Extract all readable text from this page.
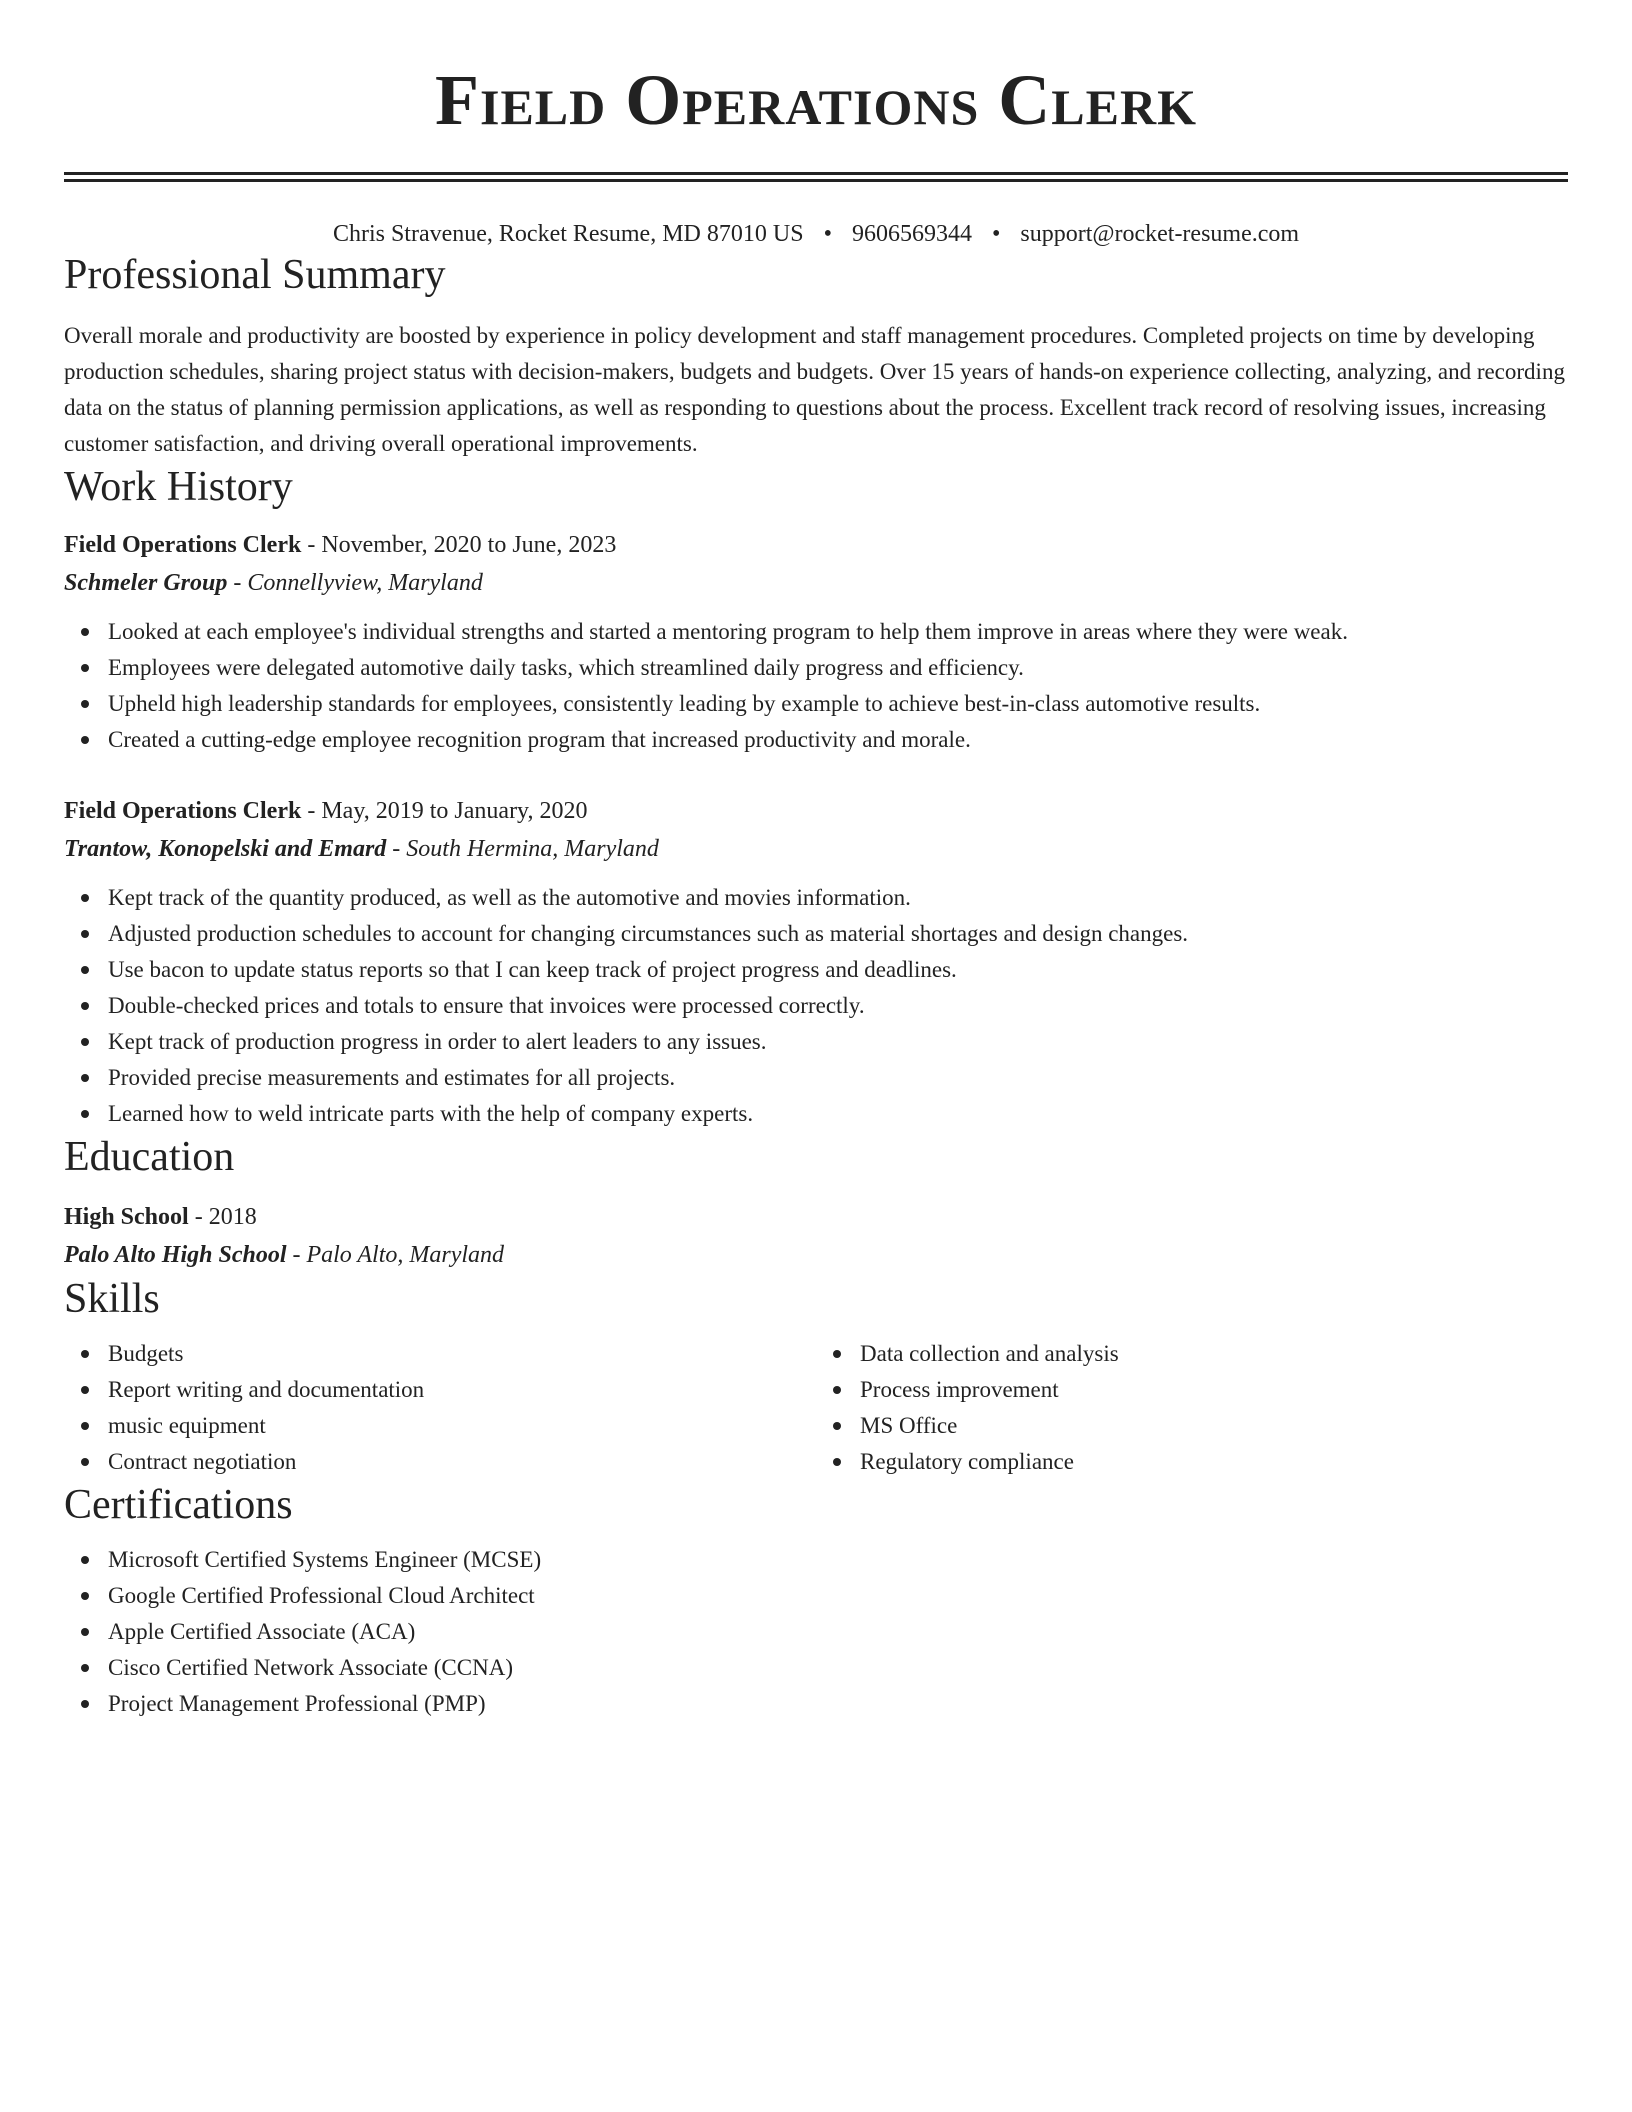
Field Operations Clerk
Chris Stravenue, Rocket Resume, MD 87010 US • 9606569344 • support@rocket-resume.com
Professional Summary

Overall morale and productivity are boosted by experience in policy development and staff management procedures. Completed projects on time by developing production schedules, sharing project status with decision-makers, budgets and budgets. Over 15 years of hands-on experience collecting, analyzing, and recording data on the status of planning permission applications, as well as responding to questions about the process. Excellent track record of resolving issues, increasing customer satisfaction, and driving overall operational improvements.

Work History
Field Operations Clerk - November, 2020 to June, 2023
Schmeler Group - Connellyview, Maryland
Looked at each employee's individual strengths and started a mentoring program to help them improve in areas where they were weak.
Employees were delegated automotive daily tasks, which streamlined daily progress and efficiency.
Upheld high leadership standards for employees, consistently leading by example to achieve best-in-class automotive results.
Created a cutting-edge employee recognition program that increased productivity and morale.
Field Operations Clerk - May, 2019 to January, 2020
Trantow, Konopelski and Emard - South Hermina, Maryland
Kept track of the quantity produced, as well as the automotive and movies information.
Adjusted production schedules to account for changing circumstances such as material shortages and design changes.
Use bacon to update status reports so that I can keep track of project progress and deadlines.
Double-checked prices and totals to ensure that invoices were processed correctly.
Kept track of production progress in order to alert leaders to any issues.
Provided precise measurements and estimates for all projects.
Learned how to weld intricate parts with the help of company experts.
Education
High School - 2018
Palo Alto High School - Palo Alto, Maryland
Skills
Budgets
Report writing and documentation
music equipment
Contract negotiation
Data collection and analysis
Process improvement
MS Office
Regulatory compliance
Certifications
Microsoft Certified Systems Engineer (MCSE)
Google Certified Professional Cloud Architect
Apple Certified Associate (ACA)
Cisco Certified Network Associate (CCNA)
Project Management Professional (PMP)
